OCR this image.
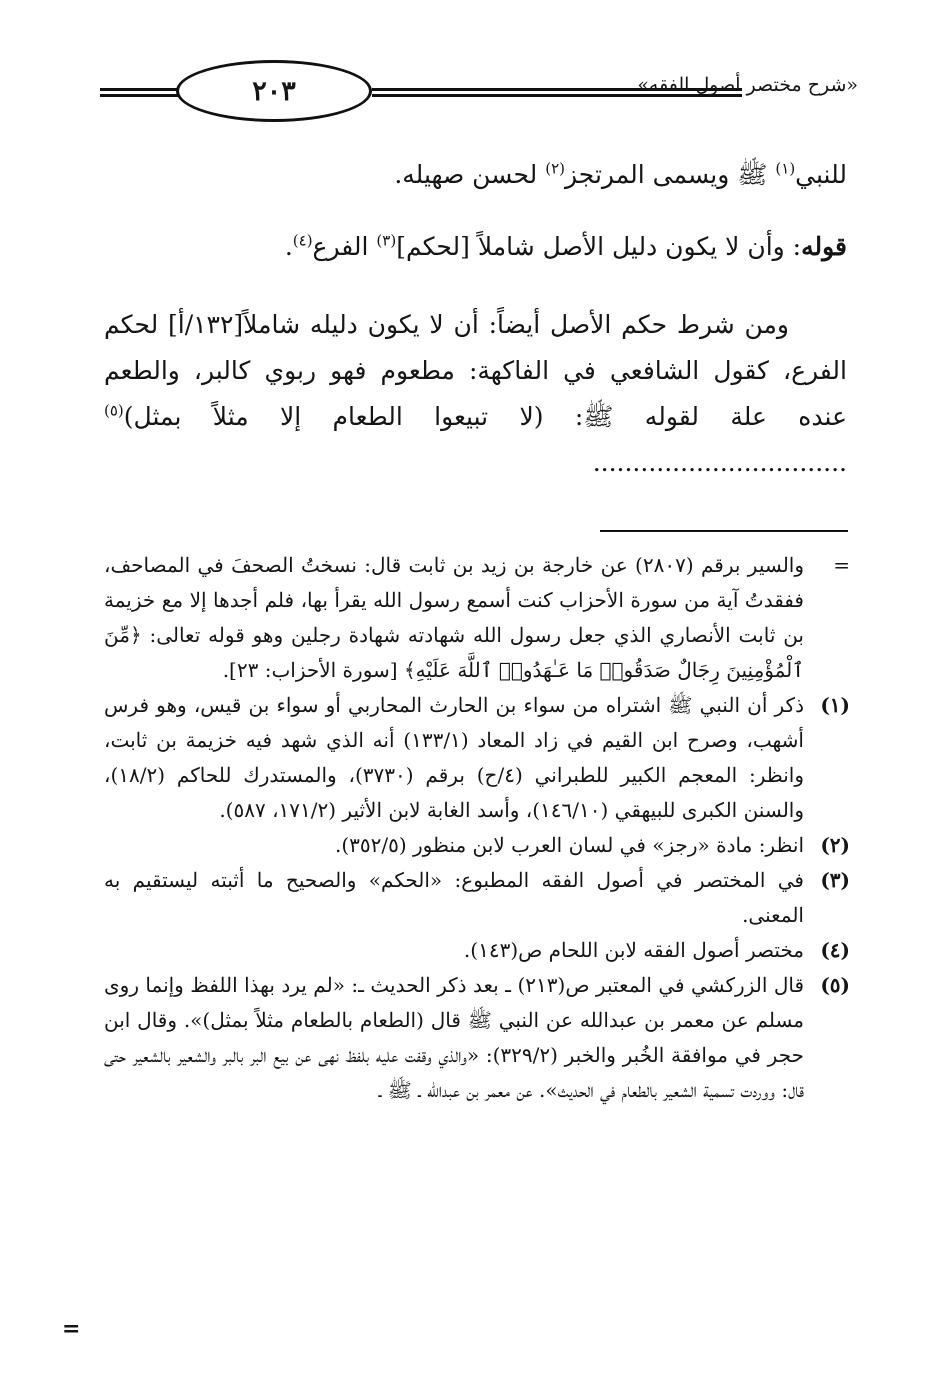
٢٠٣	«شرح مختصر أصول الفقه»
للنبي$^{(١)}$ ﷺ ويسمى المرتجز$^{(٢)}$ لحسن صهيله.
قوله: وأن لا يكون دليل الأصل شاملاً [لحكم]$^{(٣)}$ الفرع$^{(٤)}$.
ومن شرط حكم الأصل أيضاً: أن لا يكون دليله شاملاً[١٣٢/أ] لحكم الفرع، كقول الشافعي في الفاكهة: مطعوم فهو ربوي كالبر، والطعم عنده علة لقوله ﷺ: (لا تبيعوا الطعام إلا مثلاً بمثل)$^{(٥)}$ ................................

=
والسير برقم (٢٨٠٧) عن خارجة بن زيد بن ثابت قال: نسختُ الصحفَ في المصاحف، ففقدتُ آية من سورة الأحزاب كنت أسمع رسول الله يقرأ بها، فلم أجدها إلا مع خزيمة بن ثابت الأنصاري الذي جعل رسول الله شهادته شهادة رجلين وهو قوله تعالى: ﴿مِّنَ ٱلْمُؤْمِنِينَ رِجَالٌ صَدَقُوا۟ مَا عَـٰهَدُوا۟ ٱللَّهَ عَلَيْهِ﴾ [سورة الأحزاب: ٢٣].

(١)
ذكر أن النبي ﷺ اشتراه من سواء بن الحارث المحاربي أو سواء بن قيس، وهو فرس أشهب، وصرح ابن القيم في زاد المعاد (١٣٣/١) أنه الذي شهد فيه خزيمة بن ثابت، وانظر: المعجم الكبير للطبراني (٤/ح) برقم (٣٧٣٠)، والمستدرك للحاكم (١٨/٢)، والسنن الكبرى للبيهقي (١٤٦/١٠)، وأسد الغابة لابن الأثير (١٧١/٢، ٥٨٧).

(٢)
انظر: مادة «رجز» في لسان العرب لابن منظور (٣٥٢/٥).

(٣)
في المختصر في أصول الفقه المطبوع: «الحكم» والصحيح ما أثبته ليستقيم به المعنى.

(٤)
مختصر أصول الفقه لابن اللحام ص(١٤٣).

(٥)
قال الزركشي في المعتبر ص(٢١٣) ـ بعد ذكر الحديث ـ: «لم يرد بهذا اللفظ وإنما روى مسلم عن معمر بن عبدالله عن النبي ﷺ قال (الطعام بالطعام مثلاً بمثل)». وقال ابن حجر في موافقة الخُبر والخبر (٣٢٩/٢): «والذي وقفت عليه بلفظ نهى عن بيع البر بالبر والشعير بالشعير حتى قال: ووردت تسمية الشعير بالطعام في الحديث». عن معمر بن عبدالله ـ ﷺ ـ

=
